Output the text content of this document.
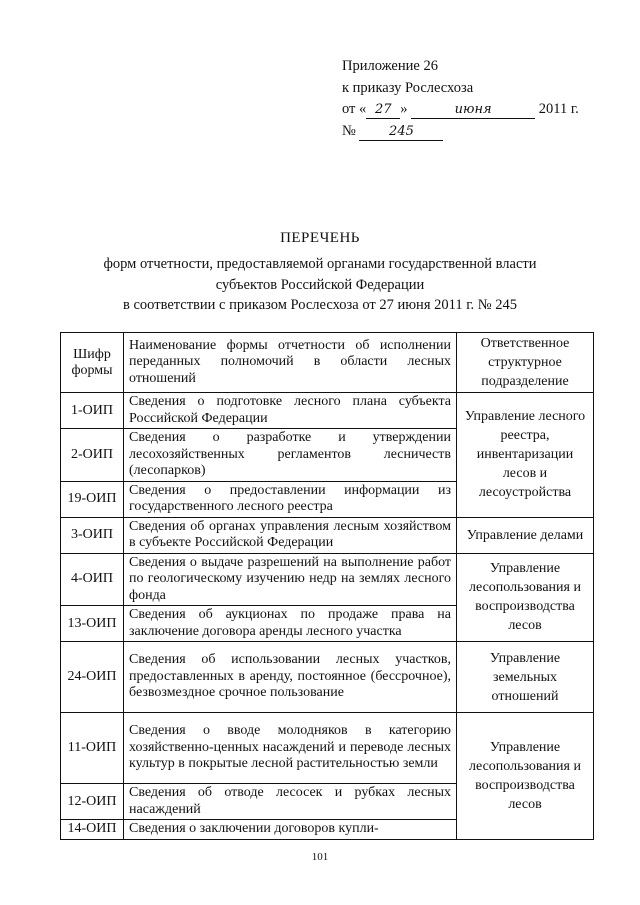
Приложение 26
к приказу Рослесхоза
от « 27 »	июня	2011 г.
№	245
ПЕРЕЧЕНЬ
форм отчетности, предоставляемой органами государственной власти
субъектов Российской Федерации
в соответствии с приказом Рослесхоза от 27 июня 2011 г. № 245
Шифр формы	Наименование формы отчетности об исполнении переданных полномочий в области лесных отношений	Ответственное структурное подразделение
1-ОИП	Сведения о подготовке лесного плана субъекта Российской Федерации	Управление лесного реестра, инвентаризации лесов и лесоустройства
2-ОИП	Сведения о разработке и утверждении лесохозяйственных регламентов лесничеств (лесопарков)	
19-ОИП	Сведения о предоставлении информации из государственного лесного реестра	
3-ОИП	Сведения об органах управления лесным хозяйством в субъекте Российской Федерации	Управление делами
4-ОИП	Сведения о выдаче разрешений на выполнение работ по геологическому изучению недр на землях лесного фонда	Управление лесопользования и воспроизводства лесов
13-ОИП	Сведения об аукционах по продаже права на заключение договора аренды лесного участка	
24-ОИП	Сведения об использовании лесных участков, предоставленных в аренду, постоянное (бессрочное), безвозмездное срочное пользование	Управление земельных отношений
11-ОИП	Сведения о вводе молодняков в категорию хозяйственно-ценных насаждений и переводе лесных культур в покрытые лесной растительностью земли	Управление лесопользования и воспроизводства лесов
12-ОИП	Сведения об отводе лесосек и рубках лесных насаждений	
14-ОИП	Сведения о заключении договоров купли-	
101
